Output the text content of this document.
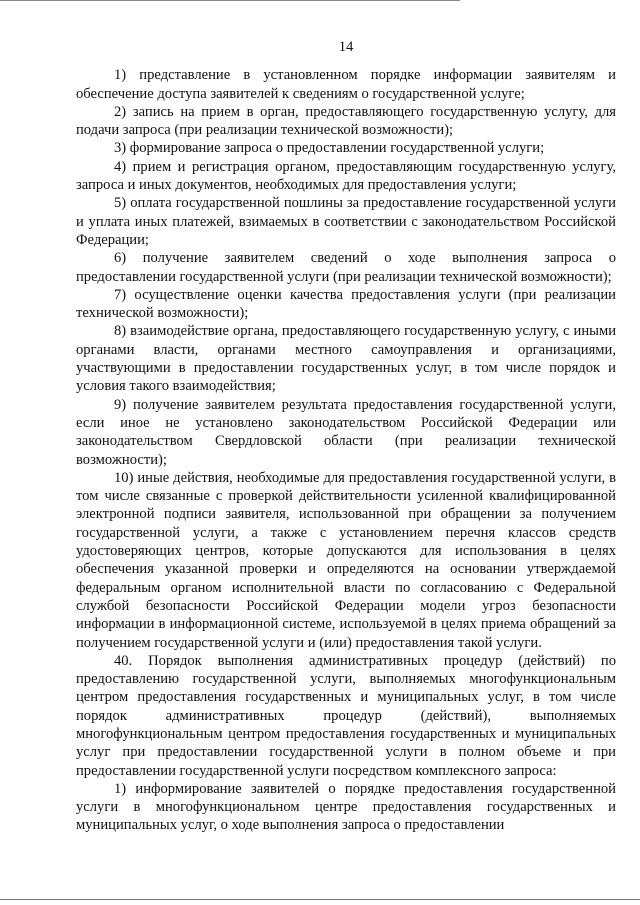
14

1) представление в установленном порядке информации заявителям и обеспечение доступа заявителей к сведениям о государственной услуге;

2) запись на прием в орган, предоставляющего государственную услугу, для подачи запроса (при реализации технической возможности);

3) формирование запроса о предоставлении государственной услуги;

4) прием и регистрация органом, предоставляющим государственную услугу, запроса и иных документов, необходимых для предоставления услуги;

5) оплата государственной пошлины за предоставление государственной услуги и уплата иных платежей, взимаемых в соответствии с законодательством Российской Федерации;

6) получение заявителем сведений о ходе выполнения запроса о предоставлении государственной услуги (при реализации технической возможности);

7) осуществление оценки качества предоставления услуги (при реализации технической возможности);

8) взаимодействие органа, предоставляющего государственную услугу, с иными органами власти, органами местного самоуправления и организациями, участвующими в предоставлении государственных услуг, в том числе порядок и условия такого взаимодействия;

9) получение заявителем результата предоставления государственной услуги, если иное не установлено законодательством Российской Федерации или законодательством Свердловской области (при реализации технической возможности);

10) иные действия, необходимые для предоставления государственной услуги, в том числе связанные с проверкой действительности усиленной квалифицированной электронной подписи заявителя, использованной при обращении за получением государственной услуги, а также с установлением перечня классов средств удостоверяющих центров, которые допускаются для использования в целях обеспечения указанной проверки и определяются на основании утверждаемой федеральным органом исполнительной власти по согласованию с Федеральной службой безопасности Российской Федерации модели угроз безопасности информации в информационной системе, используемой в целях приема обращений за получением государственной услуги и (или) предоставления такой услуги.

40. Порядок выполнения административных процедур (действий) по предоставлению государственной услуги, выполняемых многофункциональным центром предоставления государственных и муниципальных услуг, в том числе порядок административных процедур (действий), выполняемых многофункциональным центром предоставления государственных и муниципальных услуг при предоставлении государственной услуги в полном объеме и при предоставлении государственной услуги посредством комплексного запроса:

1) информирование заявителей о порядке предоставления государственной услуги в многофункциональном центре предоставления государственных и муниципальных услуг, о ходе выполнения запроса о предоставлении
